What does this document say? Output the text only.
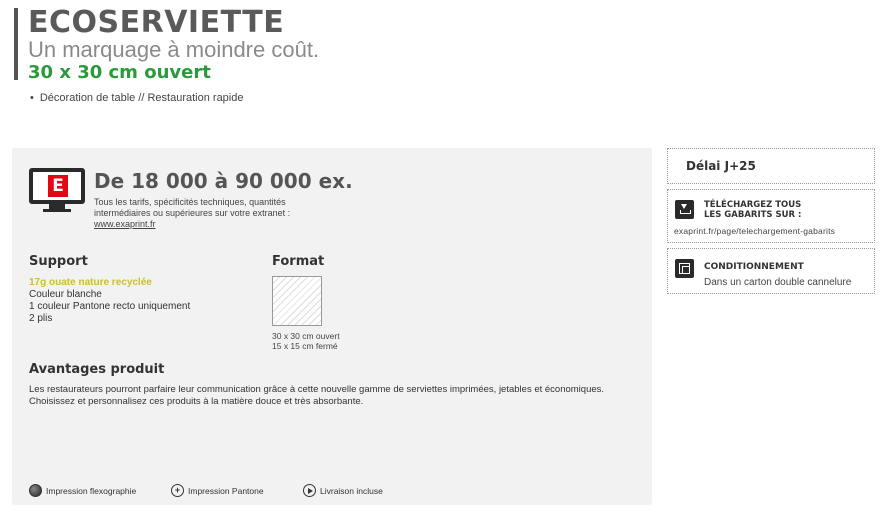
ECOSERVIETTE
Un marquage à moindre coût.
30 x 30 cm ouvert
• Décoration de table // Restauration rapide
E De 18 000 à 90 000 ex.
Tous les tarifs, spécificités techniques, quantités intermédiaires ou supérieures sur votre extranet : www.exaprint.fr
Support
17g ouate nature recyclée
Couleur blanche
1 couleur Pantone recto uniquement
2 plis
Format
30 x 30 cm ouvert
15 x 15 cm fermé
Avantages produit
Les restaurateurs pourront parfaire leur communication grâce à cette nouvelle gamme de serviettes imprimées, jetables et économiques.
Choisissez et personnalisez ces produits à la matière douce et très absorbante.
Impression flexographie
+	Impression Pantone	Livraison incluse
Délai J+25
TÉLÉCHARGEZ TOUS
LES GABARITS SUR :
exaprint.fr/page/telechargement-gabarits
CONDITIONNEMENT
Dans un carton double cannelure
